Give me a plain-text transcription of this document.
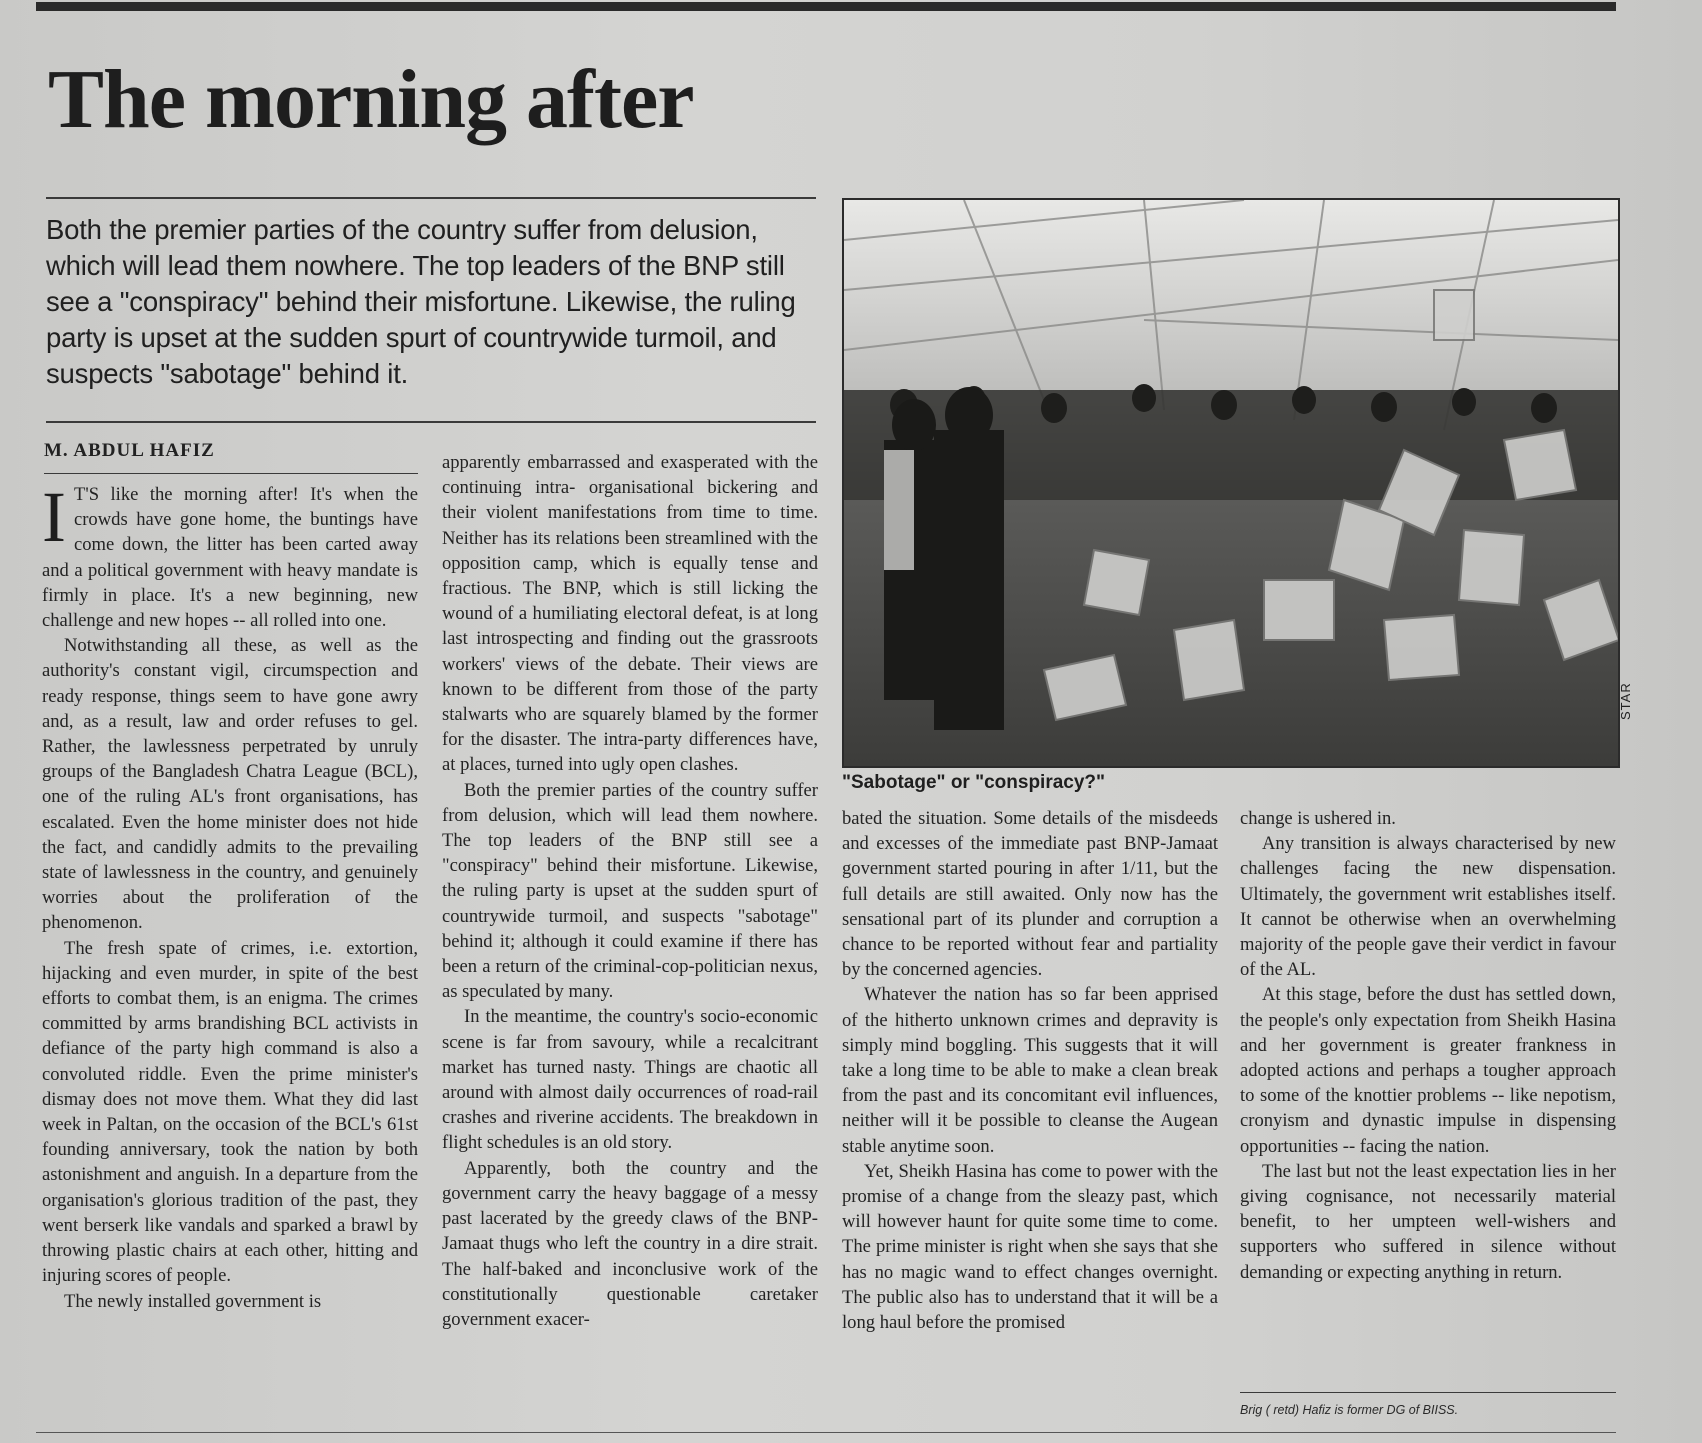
The morning after

Both the premier parties of the country suffer from delusion, which will lead them nowhere. The top leaders of the BNP still see a "conspiracy" behind their misfortune. Likewise, the ruling party is upset at the sudden spurt of countrywide turmoil, and suspects "sabotage" behind it.

M. ABDUL HAFIZ

I T'S like the morning after! It's when the crowds have gone home, the buntings have come down, the litter has been carted away and a political government with heavy mandate is firmly in place. It's a new beginning, new challenge and new hopes -- all rolled into one.

Notwithstanding all these, as well as the authority's constant vigil, circumspection and ready response, things seem to have gone awry and, as a result, law and order refuses to gel. Rather, the lawlessness perpetrated by unruly groups of the Bangladesh Chatra League (BCL), one of the ruling AL's front organisations, has escalated. Even the home minister does not hide the fact, and candidly admits to the prevailing state of lawlessness in the country, and genuinely worries about the proliferation of the phenomenon.

The fresh spate of crimes, i.e. extortion, hijacking and even murder, in spite of the best efforts to combat them, is an enigma. The crimes committed by arms brandishing BCL activists in defiance of the party high command is also a convoluted riddle. Even the prime minister's dismay does not move them. What they did last week in Paltan, on the occasion of the BCL's 61st founding anniversary, took the nation by both astonishment and anguish. In a departure from the organisation's glorious tradition of the past, they went berserk like vandals and sparked a brawl by throwing plastic chairs at each other, hitting and injuring scores of people.

The newly installed government is

apparently embarrassed and exasperated with the continuing intra- organisational bickering and their violent manifestations from time to time. Neither has its relations been streamlined with the opposition camp, which is equally tense and fractious. The BNP, which is still licking the wound of a humiliating electoral defeat, is at long last introspecting and finding out the grassroots workers' views of the debate. Their views are known to be different from those of the party stalwarts who are squarely blamed by the former for the disaster. The intra-party differences have, at places, turned into ugly open clashes.

Both the premier parties of the country suffer from delusion, which will lead them nowhere. The top leaders of the BNP still see a "conspiracy" behind their misfortune. Likewise, the ruling party is upset at the sudden spurt of countrywide turmoil, and suspects "sabotage" behind it; although it could examine if there has been a return of the criminal-cop-politician nexus, as speculated by many.

In the meantime, the country's socio-economic scene is far from savoury, while a recalcitrant market has turned nasty. Things are chaotic all around with almost daily occurrences of road-rail crashes and riverine accidents. The breakdown in flight schedules is an old story.

Apparently, both the country and the government carry the heavy baggage of a messy past lacerated by the greedy claws of the BNP-Jamaat thugs who left the country in a dire strait. The half-baked and inconclusive work of the constitutionally questionable caretaker government exacer-

STAR
"Sabotage" or "conspiracy?"

bated the situation. Some details of the misdeeds and excesses of the immediate past BNP-Jamaat government started pouring in after 1/11, but the full details are still awaited. Only now has the sensational part of its plunder and corruption a chance to be reported without fear and partiality by the concerned agencies.

Whatever the nation has so far been apprised of the hitherto unknown crimes and depravity is simply mind boggling. This suggests that it will take a long time to be able to make a clean break from the past and its concomitant evil influences, neither will it be possible to cleanse the Augean stable anytime soon.

Yet, Sheikh Hasina has come to power with the promise of a change from the sleazy past, which will however haunt for quite some time to come. The prime minister is right when she says that she has no magic wand to effect changes overnight. The public also has to understand that it will be a long haul before the promised

change is ushered in.

Any transition is always characterised by new challenges facing the new dispensation. Ultimately, the government writ establishes itself. It cannot be otherwise when an overwhelming majority of the people gave their verdict in favour of the AL.

At this stage, before the dust has settled down, the people's only expectation from Sheikh Hasina and her government is greater frankness in adopted actions and perhaps a tougher approach to some of the knottier problems -- like nepotism, cronyism and dynastic impulse in dispensing opportunities -- facing the nation.

The last but not the least expectation lies in her giving cognisance, not necessarily material benefit, to her umpteen well-wishers and supporters who suffered in silence without demanding or expecting anything in return.

Brig ( retd) Hafiz is former DG of BIISS.
